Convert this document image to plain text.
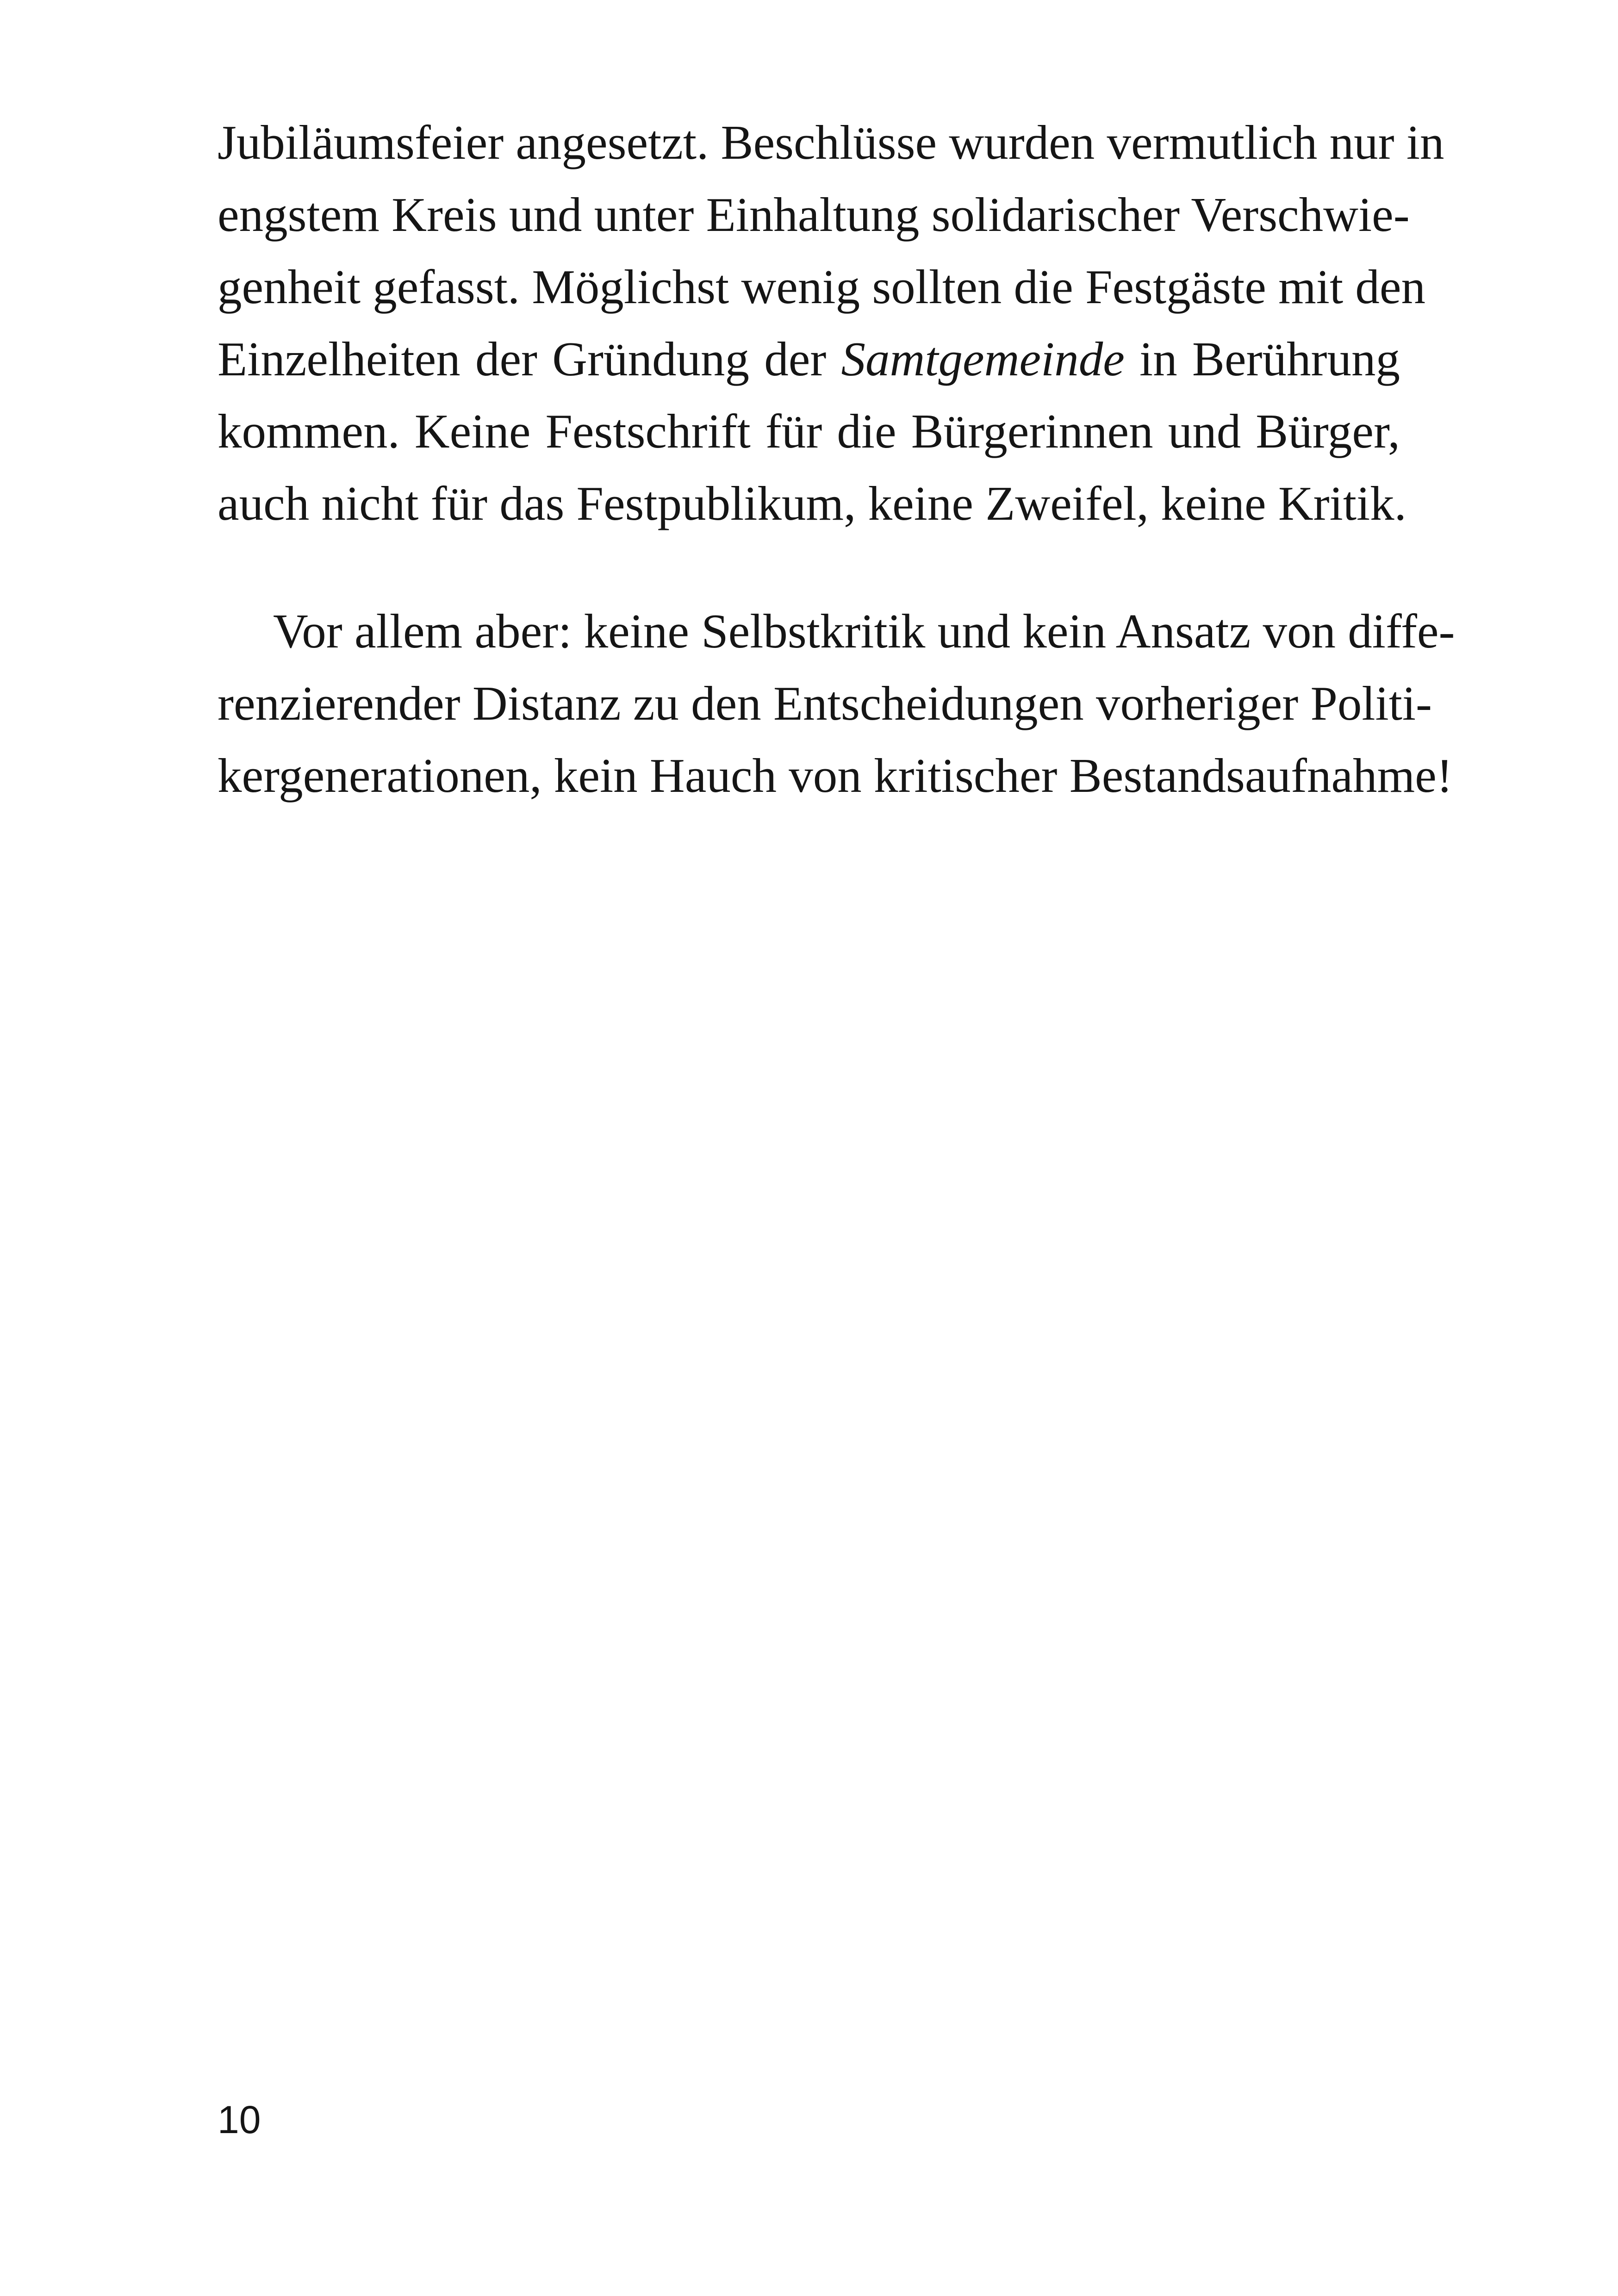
Jubiläumsfeier angesetzt. Beschlüsse wurden vermutlich nur in
engstem Kreis und unter Einhaltung solidarischer Verschwie-
genheit gefasst. Möglichst wenig sollten die Festgäste mit den
Einzelheiten der Gründung der Samtgemeinde in Berührung
kommen. Keine Festschrift für die Bürgerinnen und Bürger,
auch nicht für das Festpublikum, keine Zweifel, keine Kritik.
Vor allem aber: keine Selbstkritik und kein Ansatz von diffe-
renzierender Distanz zu den Entscheidungen vorheriger Politi-
kergenerationen, kein Hauch von kritischer Bestandsaufnahme!
10
